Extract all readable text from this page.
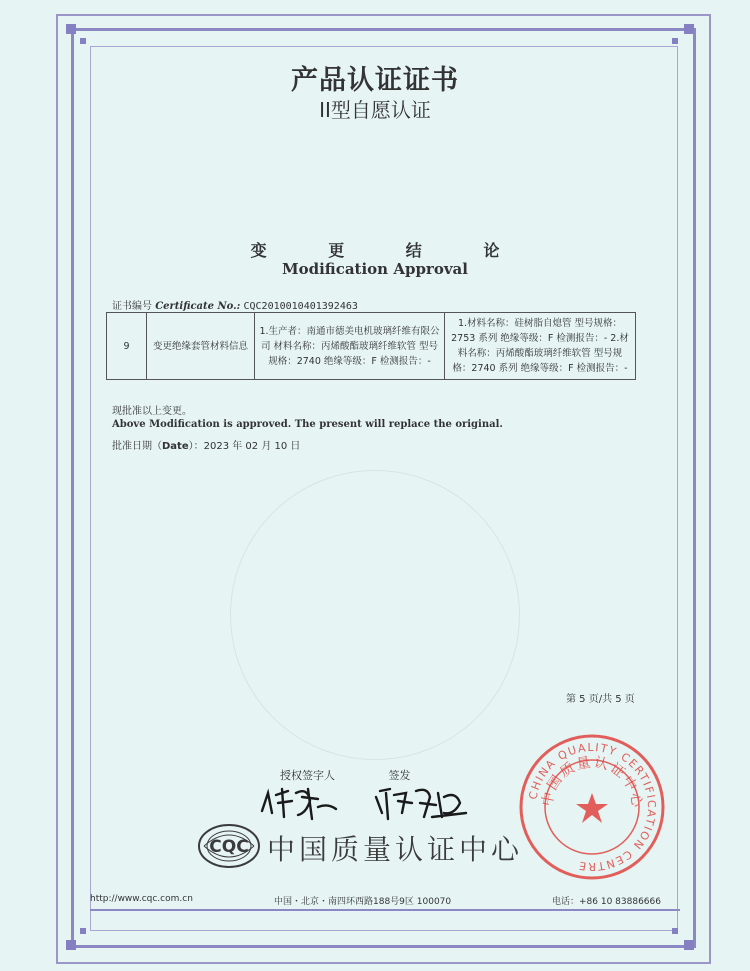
产品认证证书
II型自愿认证
变 更 结 论
Modification Approval
证书编号 Certificate No.: CQC2010010401392463
9	变更绝缘套管材料信息	1.生产者：南通市德美电机玻璃纤维有限公司 材料名称：丙烯酸酯玻璃纤维软管 型号规格：2740 绝缘等级：F 检测报告：-	1.材料名称：硅树脂自熄管 型号规格：2753 系列 绝缘等级：F 检测报告：- 2.材料名称：丙烯酸酯玻璃纤维软管 型号规格：2740 系列 绝缘等级：F 检测报告：-
现批准以上变更。
Above Modification is approved. The present will replace the original.
批准日期（Date）：2023 年 02 月 10 日
第 5 页/共 5 页
授权签字人	签发
CQC 中国质量认证中心
CHINA QUALITY CERTIFICATION CENTRE
中国质量认证中心
http://www.cqc.com.cn	中国・北京・南四环西路188号9区 100070	电话：+86 10 83886666
